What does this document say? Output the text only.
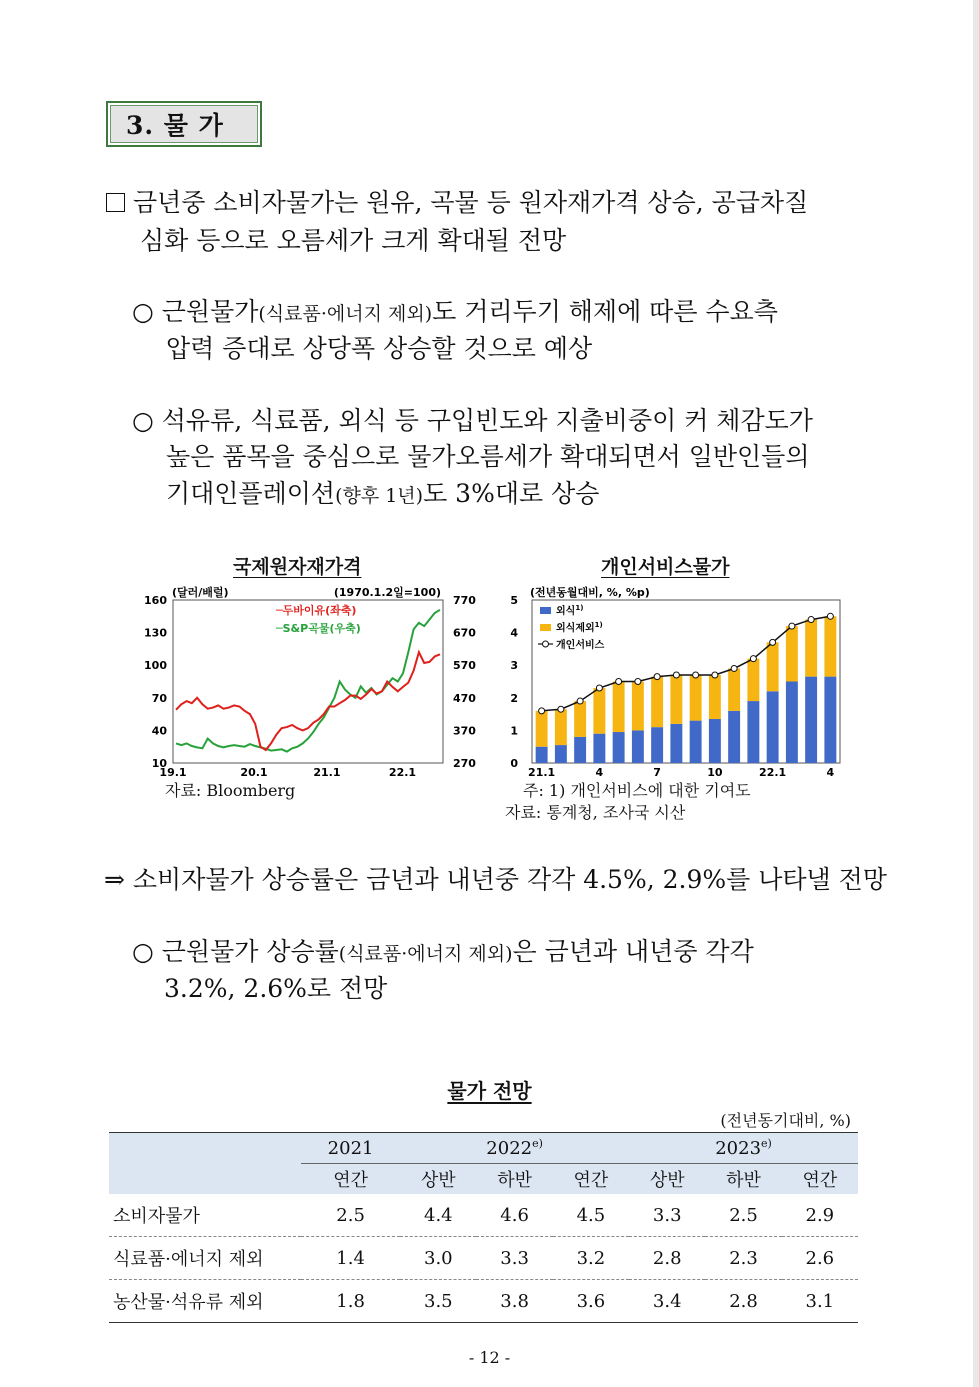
3. 물 가
금년중 소비자물가는 원유, 곡물 등 원자재가격 상승, 공급차질
심화 등으로 오름세가 크게 확대될 전망
○ 근원물가(식료품·에너지 제외)도 거리두기 해제에 따른 수요측
압력 증대로 상당폭 상승할 것으로 예상
○ 석유류, 식료품, 외식 등 구입빈도와 지출비중이 커 체감도가
높은 품목을 중심으로 물가오름세가 확대되면서 일반인들의
기대인플레이션(향후 1년)도 3%대로 상승
국제원자재가격	개인서비스물가
(달러/배럴)	(1970.1.2일=100)
─두바이유(좌축)
─S&P곡물(우축)
160
130
100
70
40
10
770
670
570
470
370
270
19.1	20.1	21.1	22.1
자료: Bloomberg
(전년동월대비, %, %p)
외식$^{1)}$
외식제외$^{1)}$
개인서비스
5
4
3
2
1
0
21.1	4	7	10	22.1	4
주: 1) 개인서비스에 대한 기여도
자료: 통계청, 조사국 시산
⇒ 소비자물가 상승률은 금년과 내년중 각각 4.5%, 2.9%를 나타낼 전망
○ 근원물가 상승률(식료품·에너지 제외)은 금년과 내년중 각각
3.2%, 2.6%로 전망
물가 전망
(전년동기대비, %)
	2021	2022$^{e)}$			2023$^{e)}$
	연간	상반	하반	연간	상반	하반	연간
소비자물가	2.5	4.4	4.6	4.5	3.3	2.5	2.9
식료품·에너지 제외	1.4	3.0	3.3	3.2	2.8	2.3	2.6
농산물·석유류 제외	1.8	3.5	3.8	3.6	3.4	2.8	3.1
- 12 -
